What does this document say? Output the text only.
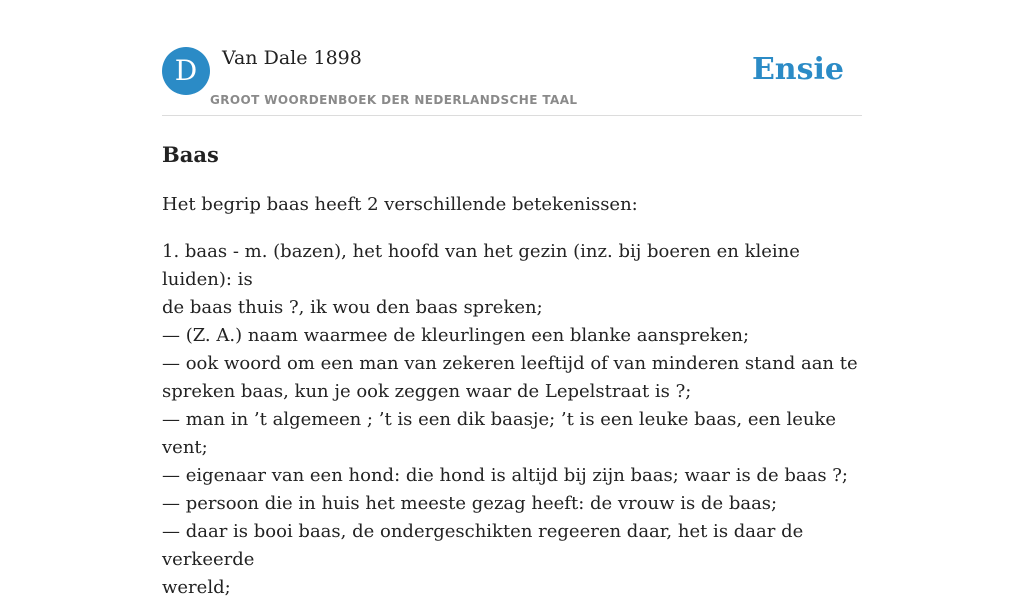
D	Van Dale 1898
GROOT WOORDENBOEK DER NEDERLANDSCHE TAAL
Ensie
Baas

Het begrip baas heeft 2 verschillende betekenissen:

1. baas - m. (bazen), het hoofd van het gezin (inz. bij boeren en kleine luiden): is
de baas thuis ?, ik wou den baas spreken;
— (Z. A.) naam waarmee de kleurlingen een blanke aanspreken;
— ook woord om een man van zekeren leeftijd of van minderen stand aan te
spreken baas, kun je ook zeggen waar de Lepelstraat is ?;
— man in ’t algemeen ; ’t is een dik baasje; ’t is een leuke baas, een leuke vent;
— eigenaar van een hond: die hond is altijd bij zijn baas; waar is de baas ?;
— persoon die in huis het meeste gezag heeft: de vrouw is de baas;
— daar is booi baas, de ondergeschikten regeeren daar, het is daar de verkeerde
wereld;
